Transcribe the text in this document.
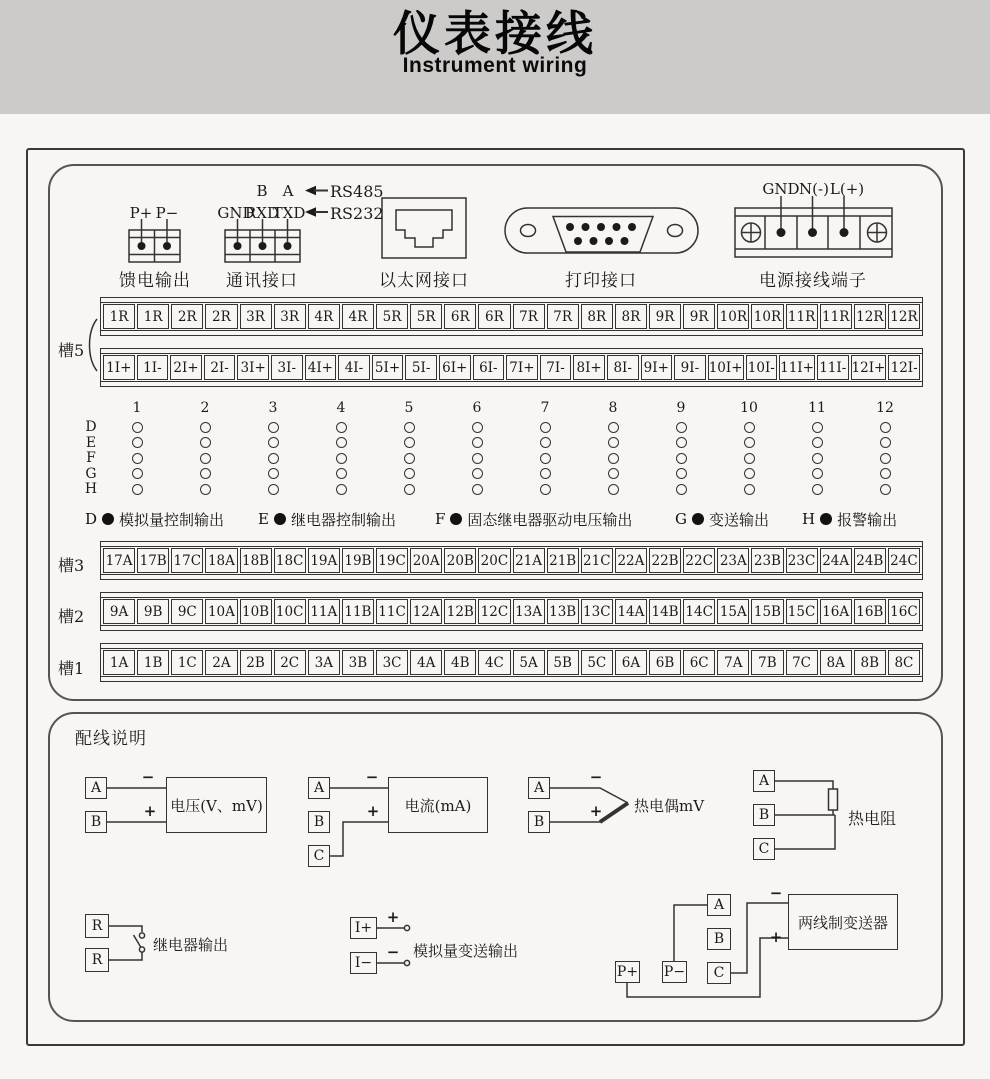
仪表接线
Instrument wiring
P+ P−
馈电输出
B A RS485
GND
RXD
TXD RS232
通讯接口	以太网接口	打印接口
GND N(-) L(+)
电源接线端子
槽5
1R	1R	2R	2R	3R	3R	4R	4R	5R	5R	6R	6R	7R	7R	8R	8R	9R	9R 10R 10R 11R 11R 12R 12R
1I+ 1I- 2I+ 2I- 3I+ 3I- 4I+ 4I- 5I+ 5I- 6I+ 6I- 7I+ 7I- 8I+ 8I- 9I+ 9I- 10I+ 10I- 11I+ 11I- 12I+ 12I-
1	2	3	4	5	6	7	8	9	10	11	12
D
E
F
G
H
D 模拟量控制输出 E 继电器控制输出	F 固态继电器驱动电压输出	G 变送输出 H 报警输出
槽3 17A 17B 17C 18A 18B 18C 19A 19B 19C 20A 20B 20C 21A 21B 21C 22A 22B 22C 23A 23B 23C 24A 24B 24C
槽2	9A	9B	9C 10A 10B 10C 11A 11B 11C 12A 12B 12C 13A 13B 13C 14A 14B 14C 15A 15B 15C 16A 16B 16C
槽1	1A	1B	1C	2A	2B	2C	3A	3B	3C	4A	4B	4C	5A	5B	5C	6A	6B	6C	7A	7B	7C	8A	8B	8C
配线说明
A
B
−
+ 电压(V、mV)
A
B
C
−
+	电流(mA)
A
B
−
+ 热电偶mV
A
B
C
热电阻
R
R
继电器输出
I+
I−
+
− 模拟量变送输出
P+ P−
A
B
C
−
+
两线制变送器
